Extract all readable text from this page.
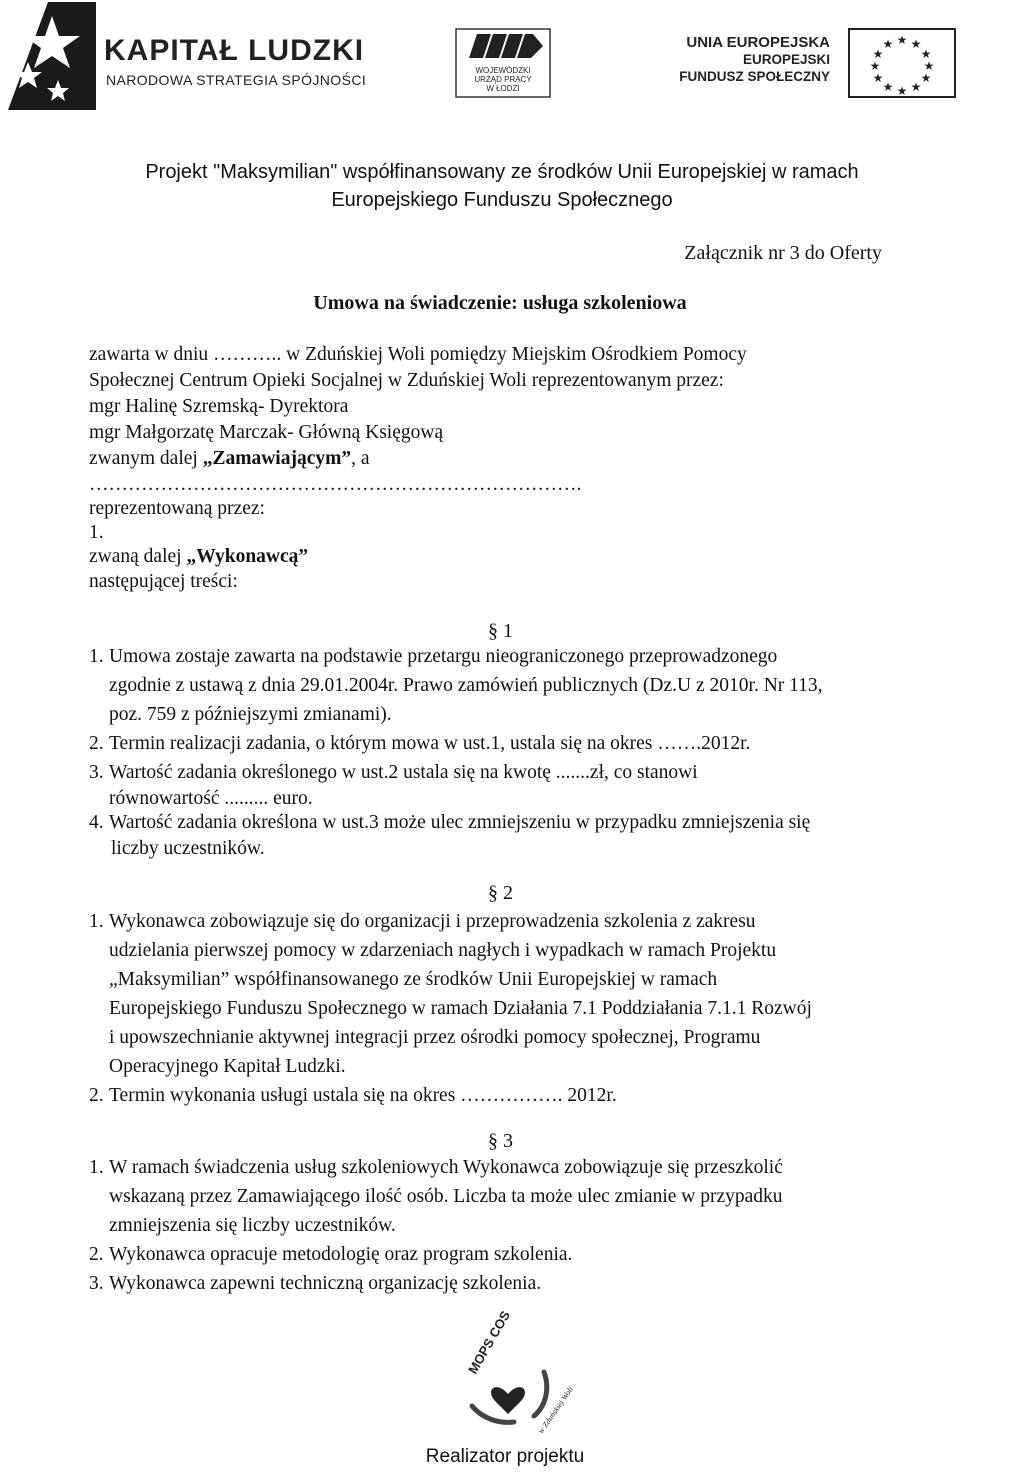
KAPITAŁ LUDZKI
NARODOWA STRATEGIA SPÓJNOŚCI
WOJEWÓDZKI
URZĄD PRACY
W ŁODZI
UNIA EUROPEJSKA
EUROPEJSKI
FUNDUSZ SPOŁECZNY
★ ★
★
★
★
★
★
★
★
★
★
★
Projekt "Maksymilian" współfinansowany ze środków Unii Europejskiej w ramach
Europejskiego Funduszu Społecznego
Załącznik nr 3 do Oferty
Umowa na świadczenie: usługa szkoleniowa
zawarta w dniu ……….. w Zduńskiej Woli pomiędzy Miejskim Ośrodkiem Pomocy
Społecznej Centrum Opieki Socjalnej w Zduńskiej Woli reprezentowanym przez:
mgr Halinę Szremską- Dyrektora
mgr Małgorzatę Marczak- Główną Księgową
zwanym dalej „Zamawiającym”, a
………………………………………………………………….
reprezentowaną przez:
1.
zwaną dalej „Wykonawcą”
następującej treści:
§ 1
1. Umowa zostaje zawarta na podstawie przetargu nieograniczonego przeprowadzonego
zgodnie z ustawą z dnia 29.01.2004r. Prawo zamówień publicznych (Dz.U z 2010r. Nr 113,
poz. 759 z późniejszymi zmianami).
2. Termin realizacji zadania, o którym mowa w ust.1, ustala się na okres …….2012r.
3. Wartość zadania określonego w ust.2 ustala się na kwotę .......zł, co stanowi
równowartość ......... euro.
4. Wartość zadania określona w ust.3 może ulec zmniejszeniu w przypadku zmniejszenia się
liczby uczestników.
§ 2
1. Wykonawca zobowiązuje się do organizacji i przeprowadzenia szkolenia z zakresu
udzielania pierwszej pomocy w zdarzeniach nagłych i wypadkach w ramach Projektu
„Maksymilian” współfinansowanego ze środków Unii Europejskiej w ramach
Europejskiego Funduszu Społecznego w ramach Działania 7.1 Poddziałania 7.1.1 Rozwój
i upowszechnianie aktywnej integracji przez ośrodki pomocy społecznej, Programu
Operacyjnego Kapitał Ludzki.
2. Termin wykonania usługi ustala się na okres ……………. 2012r.
§ 3
1. W ramach świadczenia usług szkoleniowych Wykonawca zobowiązuje się przeszkolić
wskazaną przez Zamawiającego ilość osób. Liczba ta może ulec zmianie w przypadku
zmniejszenia się liczby uczestników.
2. Wykonawca opracuje metodologię oraz program szkolenia.
3. Wykonawca zapewni techniczną organizację szkolenia.
MOPS COS
w Zduńskiej Woli
Realizator projektu
